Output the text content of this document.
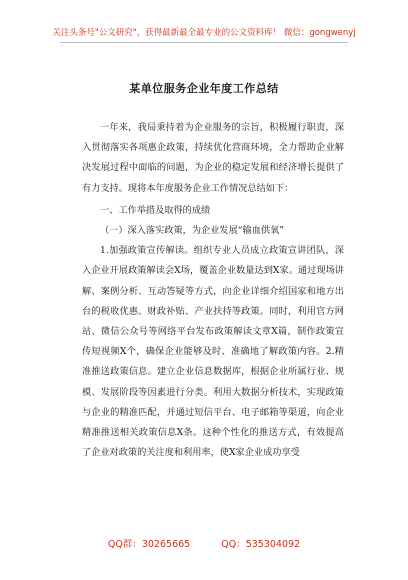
关注头条号"公文研究"，获得最新最全最专业的公文资料库！ 微信：gongwenyj
某单位服务企业年度工作总结

一年来，我局秉持着为企业服务的宗旨，积极履行职责，深入贯彻落实各项惠企政策，持续优化营商环境，全力帮助企业解决发展过程中面临的问题，为企业的稳定发展和经济增长提供了有力支持。现将本年度服务企业工作情况总结如下：

一、工作举措及取得的成绩

（一）深入落实政策，为企业发展“输血供氧”

1.加强政策宣传解读。组织专业人员成立政策宣讲团队，深入企业开展政策解读会X场，覆盖企业数量达到X家。通过现场讲解、案例分析、互动答疑等方式，向企业详细介绍国家和地方出台的税收优惠、财政补贴、产业扶持等政策。同时，利用官方网站、微信公众号等网络平台发布政策解读文章X篇，制作政策宣传短视频X个，确保企业能够及时、准确地了解政策内容。2.精准推送政策信息。建立企业信息数据库，根据企业所属行业、规模、发展阶段等因素进行分类。利用大数据分析技术，实现政策与企业的精准匹配，并通过短信平台、电子邮箱等渠道，向企业精准推送相关政策信息X条。这种个性化的推送方式，有效提高了企业对政策的关注度和利用率，使X家企业成功享受

QQ群：30265665	QQ：535304092
